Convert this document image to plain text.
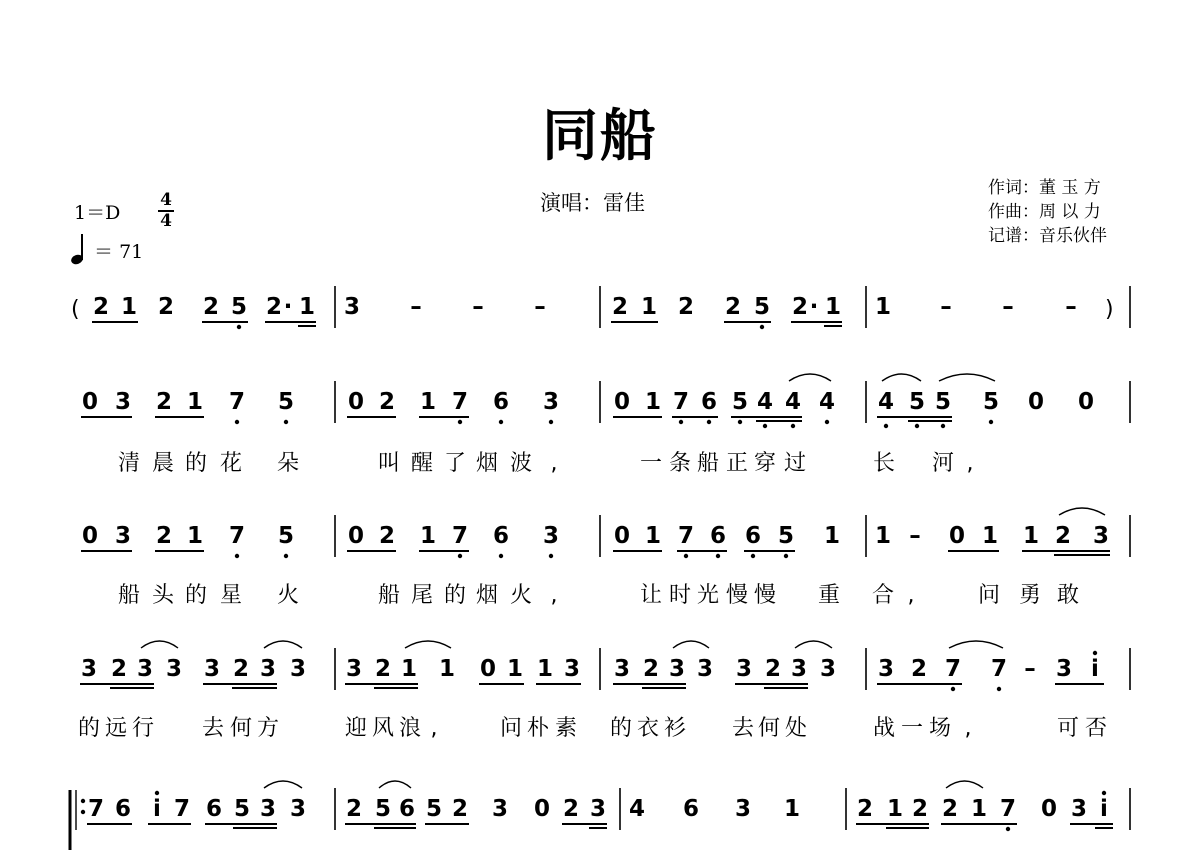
同船
演唱：雷佳
作词：董 玉 方
作曲：周 以 力
记谱：音乐伙伴
1＝D
4
4
＝ 71
2 1 2 2 5 2 · 1 3 – – –	2 1 2 2 5 2 · 1 1 – – –
0 3 2 1 7 5 0 2 1 7 6 3 0 1 7 6 5 4 4 4 4 5 5 5 0 0
清 晨 的 花 朵	叫 醒 了 烟 波 ,	一 条 船 正 穿 过	长 河 ,
0 3 2 1 7 5 0 2 1 7 6 3 0 1 7 6 6 5 1 1 – 0 1 1 2 3
船 头 的 星 火	船 尾 的 烟 火 ,	让 时 光 慢 慢 重 合 ,	问 勇 敢
3 2 3 3 3 2 3 3 3 2 1 1 0 1 1 3 3 2 3 3 3 2 3 3 3 2 7 7 – 3 i
的 远 行 去 何 方	迎 风 浪 ,	问 朴 素 的 衣 衫 去 何 处	战 一 场 ,	可 否
7 6 i 7 6 5 3 3 2 5 6 5 2 3 0 2 3 4 6 3 1 2 1 2 2 1 7 0 3 i
(	)
